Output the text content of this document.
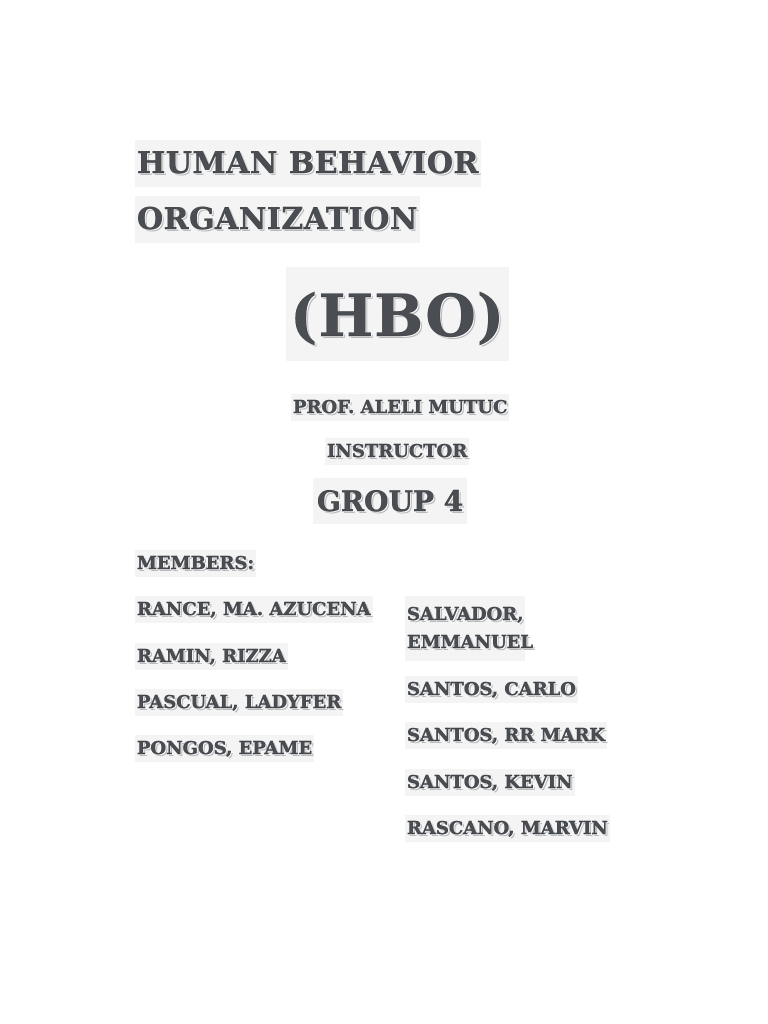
HUMAN BEHAVIOR
ORGANIZATION
(HBO)
PROF. ALELI MUTUC
INSTRUCTOR
GROUP 4
MEMBERS:
RANCE, MA. AZUCENA
RAMIN, RIZZA
PASCUAL, LADYFER
PONGOS, EPAME
SALVADOR, EMMANUEL
SANTOS, CARLO
SANTOS, RR MARK
SANTOS, KEVIN
RASCANO, MARVIN
